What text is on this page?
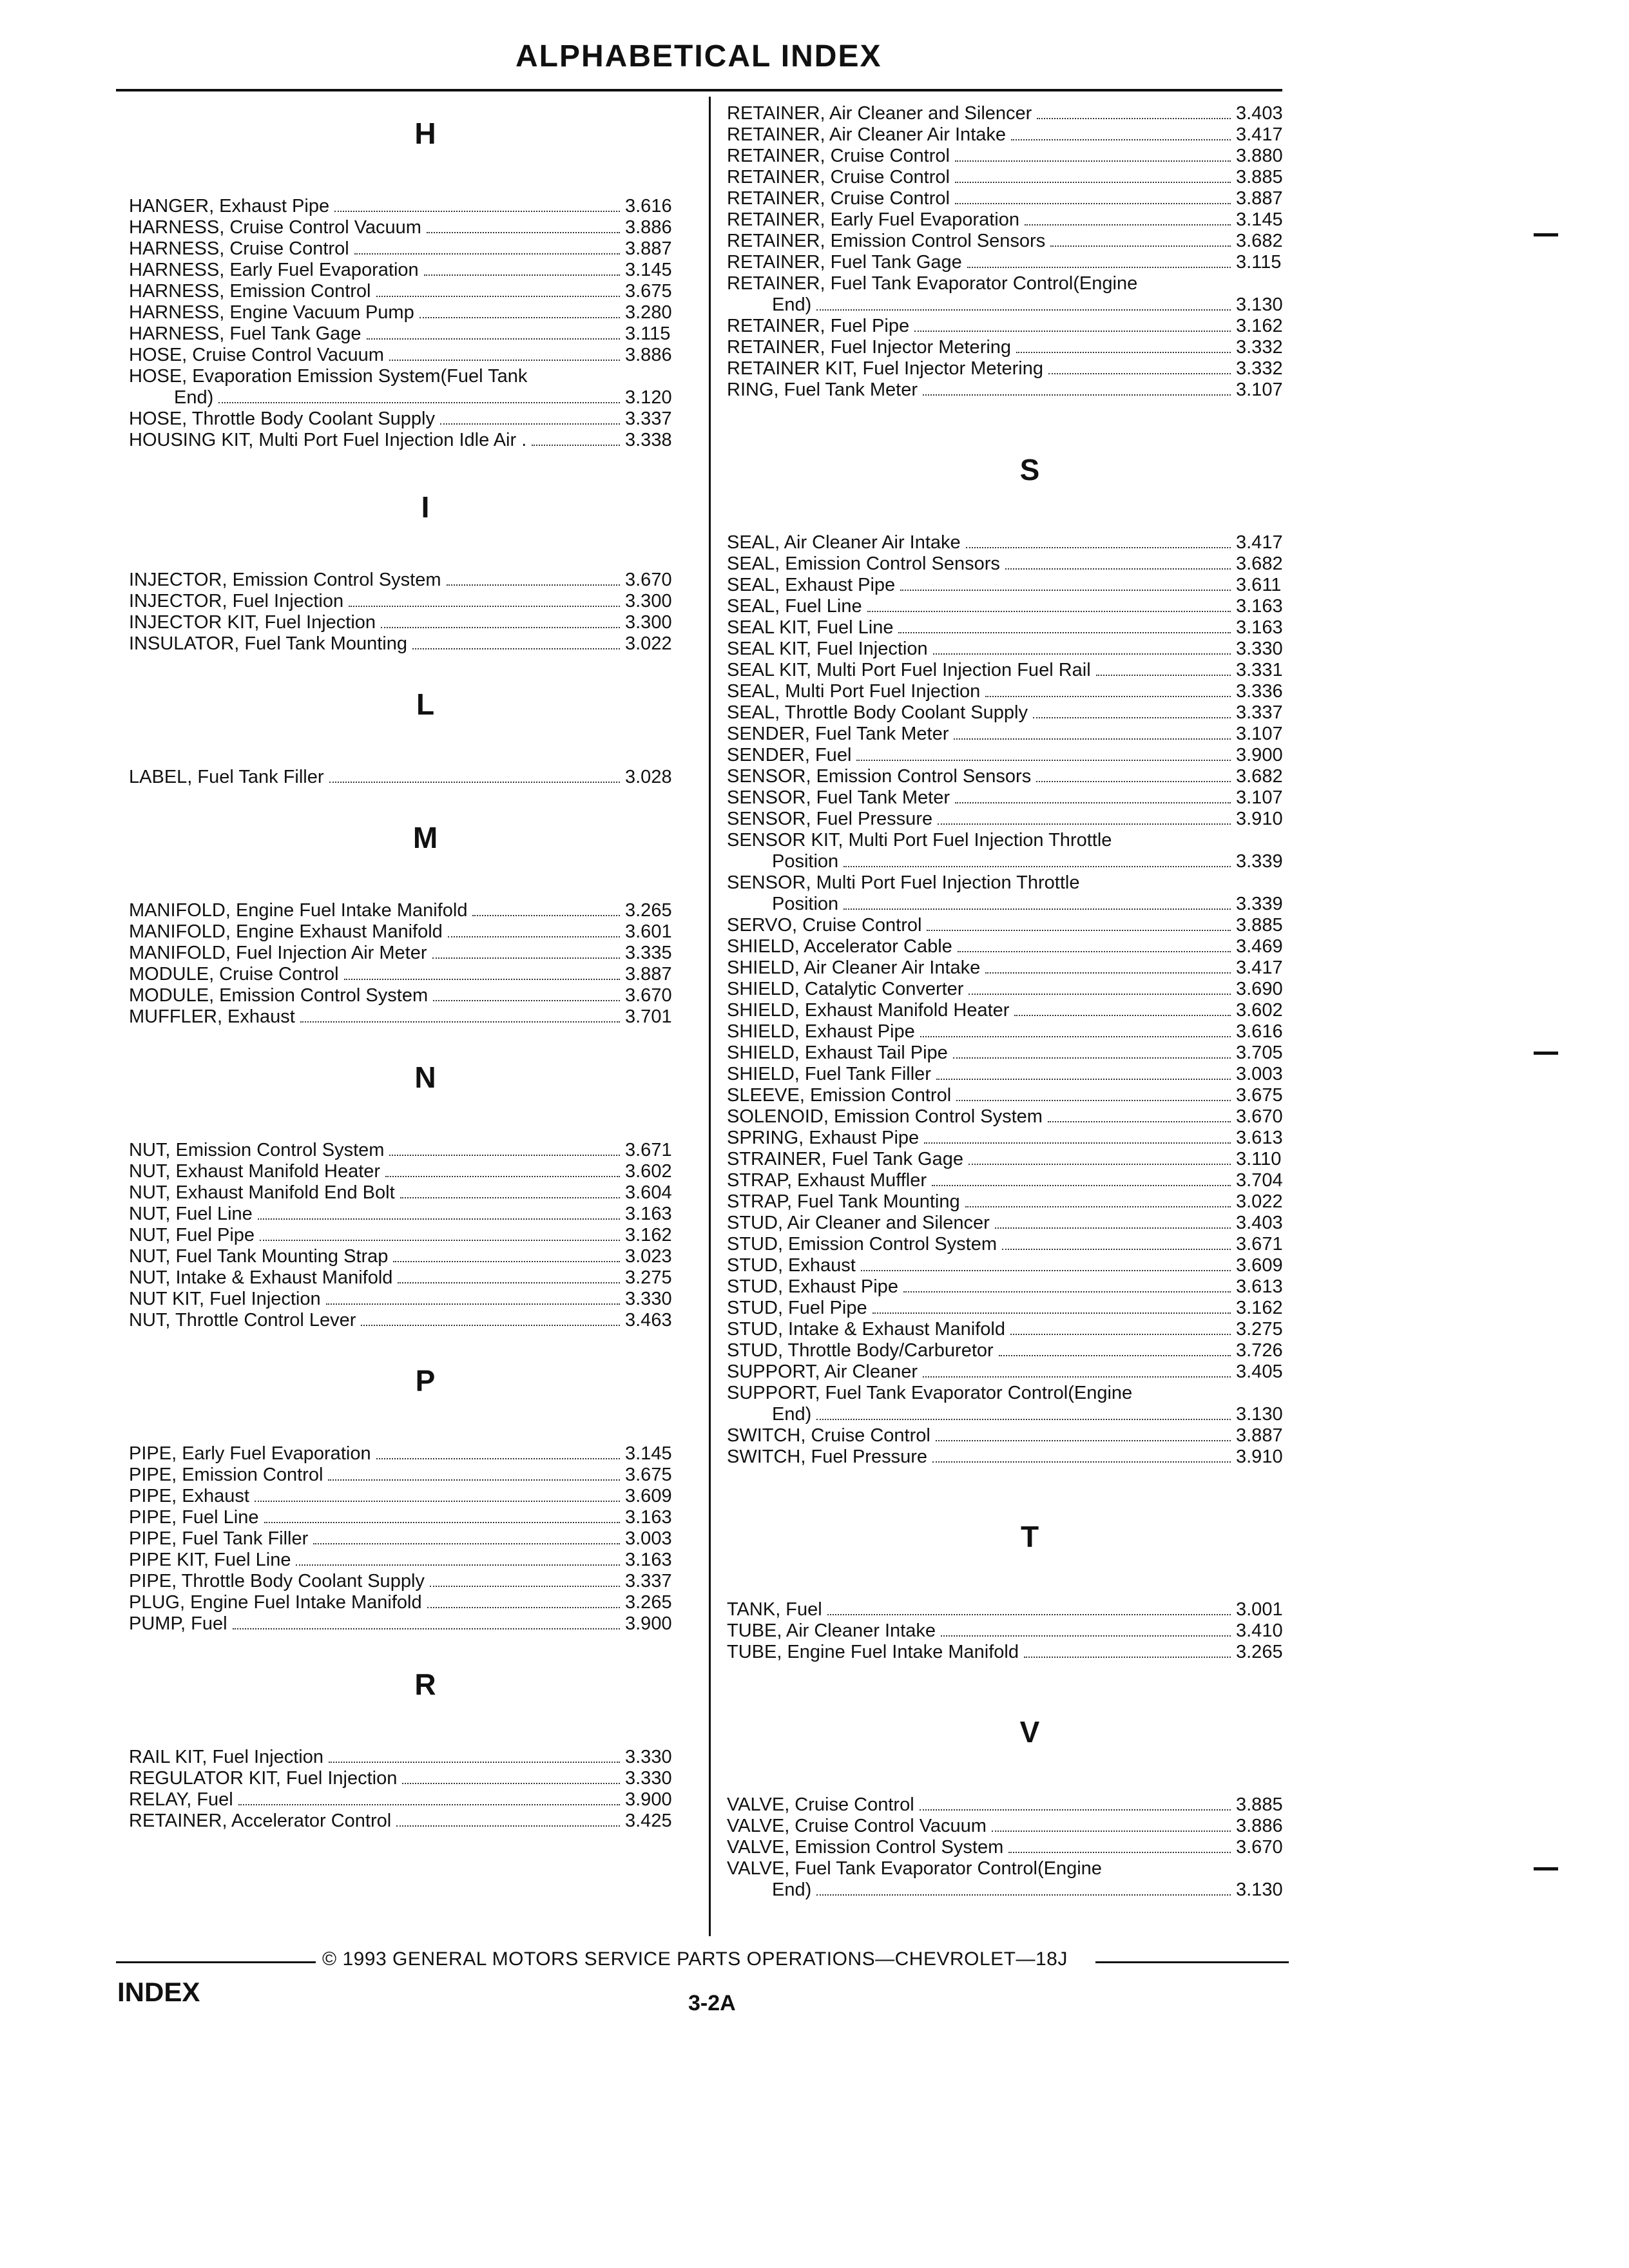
ALPHABETICAL INDEX
H
HANGER, Exhaust Pipe	3.616
HARNESS, Cruise Control Vacuum	3.886
HARNESS, Cruise Control	3.887
HARNESS, Early Fuel Evaporation	3.145
HARNESS, Emission Control	3.675
HARNESS, Engine Vacuum Pump	3.280
HARNESS, Fuel Tank Gage	3.115
HOSE, Cruise Control Vacuum	3.886
HOSE, Evaporation Emission System(Fuel Tank
End)	3.120
HOSE, Throttle Body Coolant Supply	3.337
HOUSING KIT, Multi Port Fuel Injection Idle Air .	3.338
I
INJECTOR, Emission Control System	3.670
INJECTOR, Fuel Injection	3.300
INJECTOR KIT, Fuel Injection	3.300
INSULATOR, Fuel Tank Mounting	3.022
L
LABEL, Fuel Tank Filler	3.028
M
MANIFOLD, Engine Fuel Intake Manifold	3.265
MANIFOLD, Engine Exhaust Manifold	3.601
MANIFOLD, Fuel Injection Air Meter	3.335
MODULE, Cruise Control	3.887
MODULE, Emission Control System	3.670
MUFFLER, Exhaust	3.701
N
NUT, Emission Control System	3.671
NUT, Exhaust Manifold Heater	3.602
NUT, Exhaust Manifold End Bolt	3.604
NUT, Fuel Line	3.163
NUT, Fuel Pipe	3.162
NUT, Fuel Tank Mounting Strap	3.023
NUT, Intake & Exhaust Manifold	3.275
NUT KIT, Fuel Injection	3.330
NUT, Throttle Control Lever	3.463
P
PIPE, Early Fuel Evaporation	3.145
PIPE, Emission Control	3.675
PIPE, Exhaust	3.609
PIPE, Fuel Line	3.163
PIPE, Fuel Tank Filler	3.003
PIPE KIT, Fuel Line	3.163
PIPE, Throttle Body Coolant Supply	3.337
PLUG, Engine Fuel Intake Manifold	3.265
PUMP, Fuel	3.900
R
RAIL KIT, Fuel Injection	3.330
REGULATOR KIT, Fuel Injection	3.330
RELAY, Fuel	3.900
RETAINER, Accelerator Control	3.425
RETAINER, Air Cleaner and Silencer	3.403
RETAINER, Air Cleaner Air Intake	3.417
RETAINER, Cruise Control	3.880
RETAINER, Cruise Control	3.885
RETAINER, Cruise Control	3.887
RETAINER, Early Fuel Evaporation	3.145
RETAINER, Emission Control Sensors	3.682
RETAINER, Fuel Tank Gage	3.115
RETAINER, Fuel Tank Evaporator Control(Engine
End)	3.130
RETAINER, Fuel Pipe	3.162
RETAINER, Fuel Injector Metering	3.332
RETAINER KIT, Fuel Injector Metering	3.332
RING, Fuel Tank Meter	3.107
S
SEAL, Air Cleaner Air Intake	3.417
SEAL, Emission Control Sensors	3.682
SEAL, Exhaust Pipe	3.611
SEAL, Fuel Line	3.163
SEAL KIT, Fuel Line	3.163
SEAL KIT, Fuel Injection	3.330
SEAL KIT, Multi Port Fuel Injection Fuel Rail	3.331
SEAL, Multi Port Fuel Injection	3.336
SEAL, Throttle Body Coolant Supply	3.337
SENDER, Fuel Tank Meter	3.107
SENDER, Fuel	3.900
SENSOR, Emission Control Sensors	3.682
SENSOR, Fuel Tank Meter	3.107
SENSOR, Fuel Pressure	3.910
SENSOR KIT, Multi Port Fuel Injection Throttle
Position	3.339
SENSOR, Multi Port Fuel Injection Throttle
Position	3.339
SERVO, Cruise Control	3.885
SHIELD, Accelerator Cable	3.469
SHIELD, Air Cleaner Air Intake	3.417
SHIELD, Catalytic Converter	3.690
SHIELD, Exhaust Manifold Heater	3.602
SHIELD, Exhaust Pipe	3.616
SHIELD, Exhaust Tail Pipe	3.705
SHIELD, Fuel Tank Filler	3.003
SLEEVE, Emission Control	3.675
SOLENOID, Emission Control System	3.670
SPRING, Exhaust Pipe	3.613
STRAINER, Fuel Tank Gage	3.110
STRAP, Exhaust Muffler	3.704
STRAP, Fuel Tank Mounting	3.022
STUD, Air Cleaner and Silencer	3.403
STUD, Emission Control System	3.671
STUD, Exhaust	3.609
STUD, Exhaust Pipe	3.613
STUD, Fuel Pipe	3.162
STUD, Intake & Exhaust Manifold	3.275
STUD, Throttle Body/Carburetor	3.726
SUPPORT, Air Cleaner	3.405
SUPPORT, Fuel Tank Evaporator Control(Engine
End)	3.130
SWITCH, Cruise Control	3.887
SWITCH, Fuel Pressure	3.910
T
TANK, Fuel	3.001
TUBE, Air Cleaner Intake	3.410
TUBE, Engine Fuel Intake Manifold	3.265
V
VALVE, Cruise Control	3.885
VALVE, Cruise Control Vacuum	3.886
VALVE, Emission Control System	3.670
VALVE, Fuel Tank Evaporator Control(Engine
End)	3.130
© 1993 GENERAL MOTORS SERVICE PARTS OPERATIONS—CHEVROLET—18J
INDEX	3-2A
